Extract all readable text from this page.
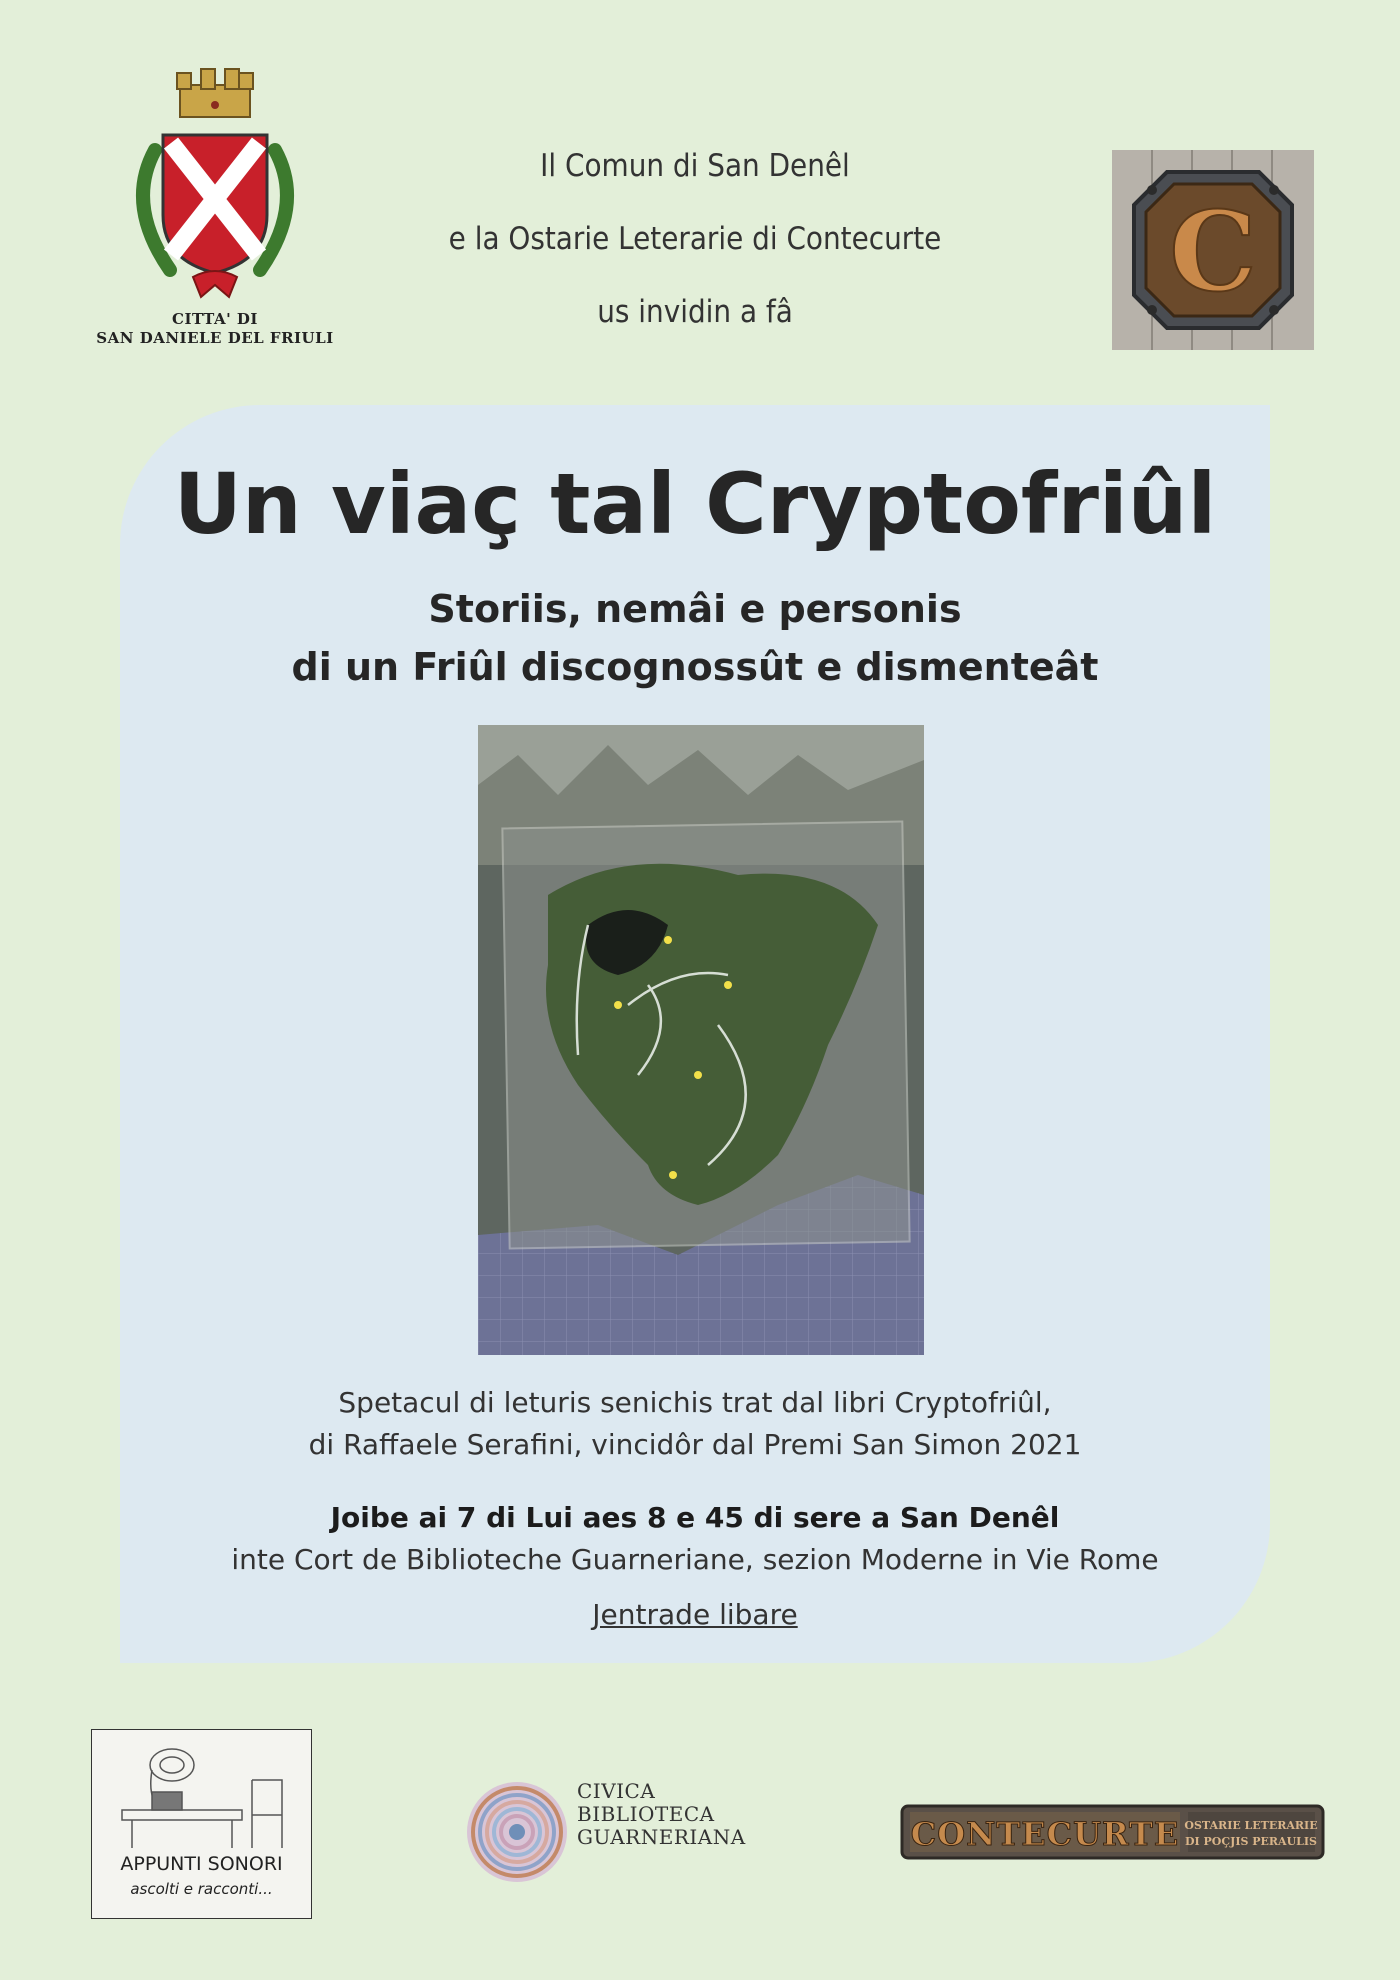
CITTA' DI
SAN DANIELE DEL FRIULI
Il Comun di San Denêl
e la Ostarie Leterarie di Contecurte
us invidin a fâ	C
Un viaç tal Cryptofriûl
Storiis, nemâi e personis
di un Friûl discognossût e dismenteât
Spetacul di leturis senichis trat dal libri Cryptofriûl,
di Raffaele Serafini, vincidôr dal Premi San Simon 2021
Joibe ai 7 di Lui aes 8 e 45 di sere a San Denêl
inte Cort de Biblioteche Guarneriane, sezion Moderne in Vie Rome
Jentrade libare
APPUNTI SONORI
ascolti e racconti...
CIVICA
BIBLIOTECA
GUARNERIANA	CONTECURTE OSTARIE LETERARIE
DI POÇJIS PERAULIS
